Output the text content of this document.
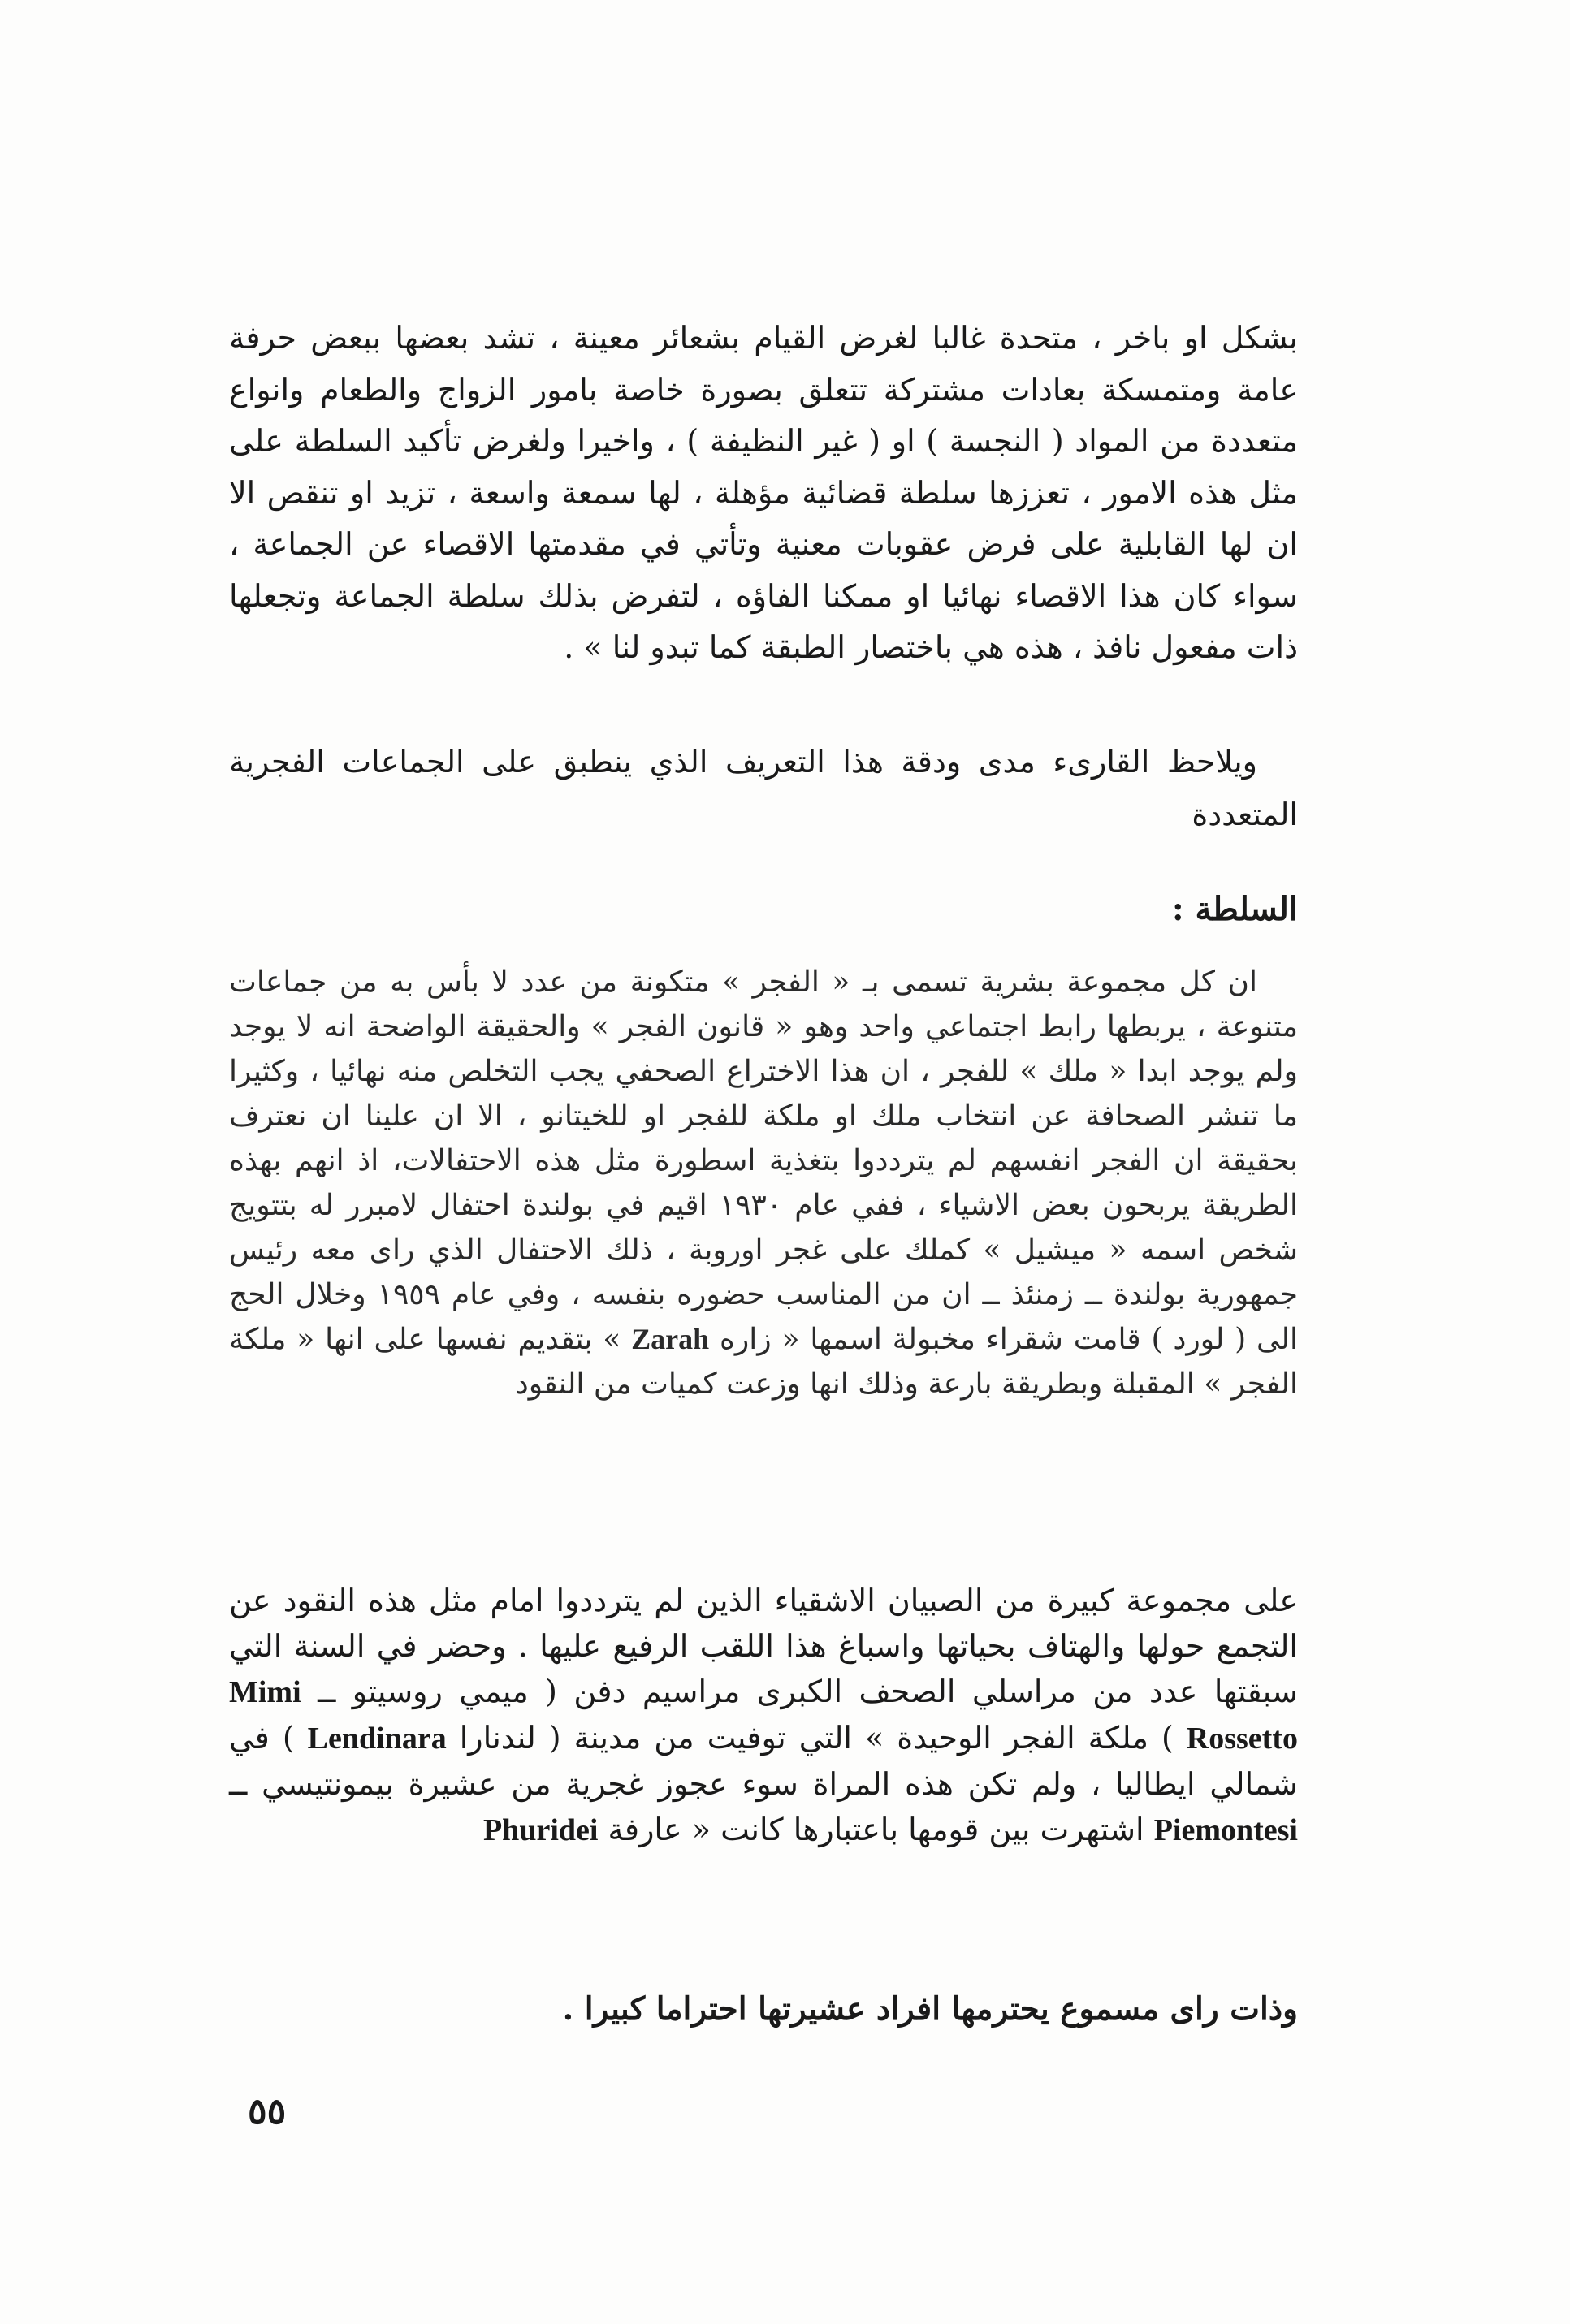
بشكل او باخر ، متحدة غالبا لغرض القيام بشعائر معينة ، تشد بعضها ببعض حرفة عامة ومتمسكة بعادات مشتركة تتعلق بصورة خاصة بامور الزواج والطعام وانواع متعددة من المواد ( النجسة ) او ( غير النظيفة ) ، واخيرا ولغرض تأكيد السلطة على مثل هذه الامور ، تعززها سلطة قضائية مؤهلة ، لها سمعة واسعة ، تزيد او تنقص الا ان لها القابلية على فرض عقوبات معنية وتأتي في مقدمتها الاقصاء عن الجماعة ، سواء كان هذا الاقصاء نهائيا او ممكنا الفاؤه ، لتفرض بذلك سلطة الجماعة وتجعلها ذات مفعول نافذ ، هذه هي باختصار الطبقة كما تبدو لنا » .

ويلاحظ القارىء مدى ودقة هذا التعريف الذي ينطبق على الجماعات الفجرية المتعددة

السلطة :

ان كل مجموعة بشرية تسمى بـ « الفجر » متكونة من عدد لا بأس به من جماعات متنوعة ، يربطها رابط اجتماعي واحد وهو « قانون الفجر » والحقيقة الواضحة انه لا يوجد ولم يوجد ابدا « ملك » للفجر ، ان هذا الاختراع الصحفي يجب التخلص منه نهائيا ، وكثيرا ما تنشر الصحافة عن انتخاب ملك او ملكة للفجر او للخيتانو ، الا ان علينا ان نعترف بحقيقة ان الفجر انفسهم لم يترددوا بتغذية اسطورة مثل هذه الاحتفالات، اذ انهم بهذه الطريقة يربحون بعض الاشياء ، ففي عام ١٩٣٠ اقيم في بولندة احتفال لامبرر له بتتويج شخص اسمه « ميشيل » كملك على غجر اوروبة ، ذلك الاحتفال الذي راى معه رئيس جمهورية بولندة ــ زمنئذ ــ ان من المناسب حضوره بنفسه ، وفي عام ١٩٥٩ وخلال الحج الى ( لورد ) قامت شقراء مخبولة اسمها « زاره Zarah » بتقديم نفسها على انها « ملكة الفجر » المقبلة وبطريقة بارعة وذلك انها وزعت كميات من النقود

على مجموعة كبيرة من الصبيان الاشقياء الذين لم يترددوا امام مثل هذه النقود عن التجمع حولها والهتاف بحياتها واسباغ هذا اللقب الرفيع عليها . وحضر في السنة التي سبقتها عدد من مراسلي الصحف الكبرى مراسيم دفن ( ميمي روسيتو ــ Mimi Rossetto ) ملكة الفجر الوحيدة » التي توفيت من مدينة ( لندنارا Lendinara ) في شمالي ايطاليا ، ولم تكن هذه المراة سوء عجوز غجرية من عشيرة بيمونتيسي ــ Piemontesi اشتهرت بين قومها باعتبارها كانت « عارفة Phuridei

وذات راى مسموع يحترمها افراد عشيرتها احتراما كبيرا .

٥٥
